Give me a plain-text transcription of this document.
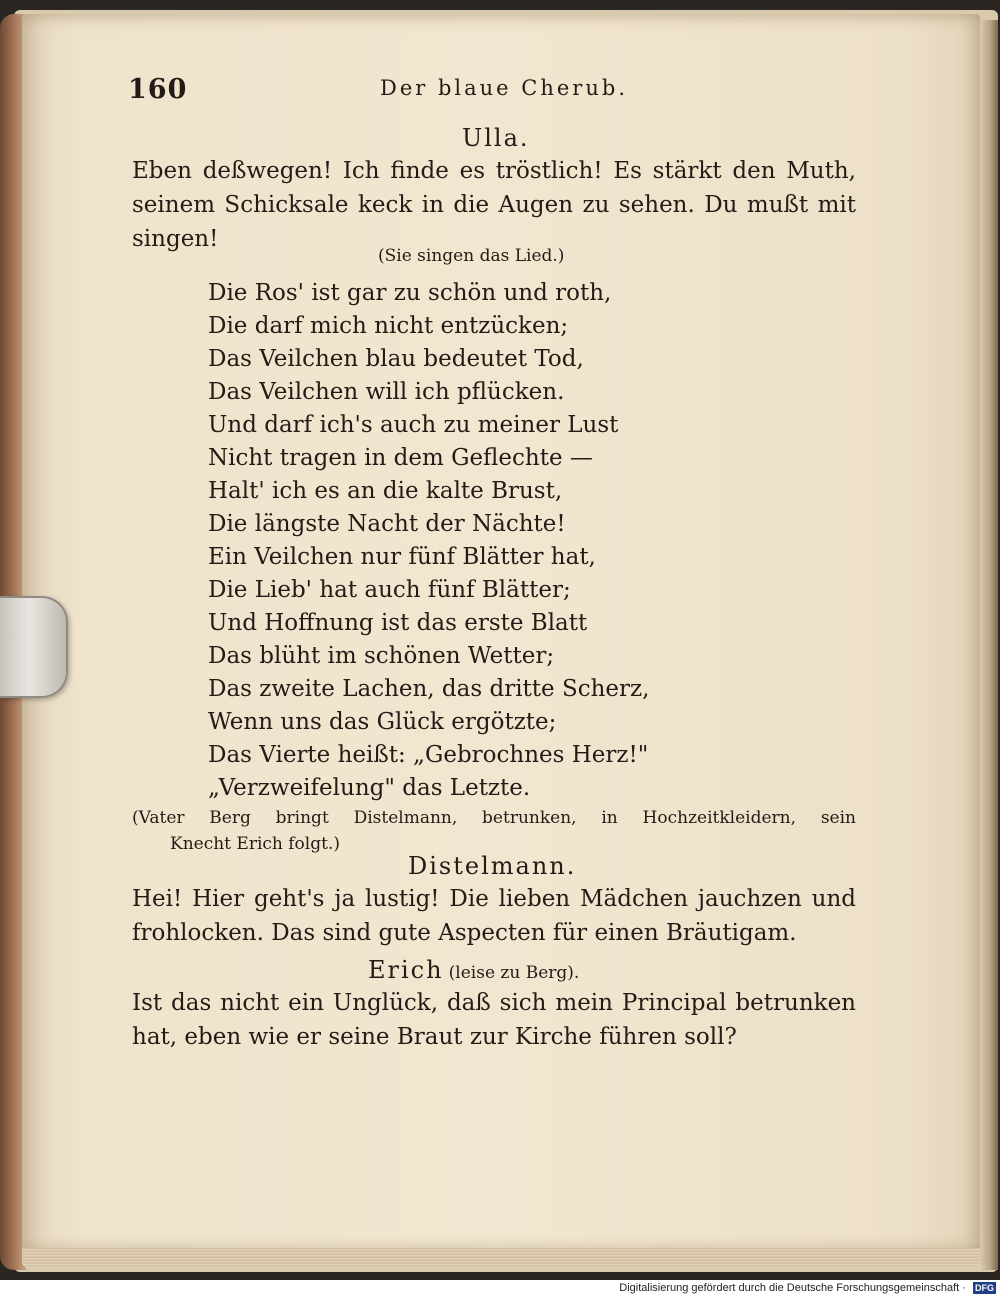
160	Der blaue Cherub.
Ulla.
Eben deßwegen! Ich finde es tröstlich! Es stärkt den Muth,
seinem Schicksale keck in die Augen zu sehen. Du mußt mit
singen!
(Sie singen das Lied.)
Die Ros' ist gar zu schön und roth,
Die darf mich nicht entzücken;
Das Veilchen blau bedeutet Tod,
Das Veilchen will ich pflücken.
Und darf ich's auch zu meiner Lust
Nicht tragen in dem Geflechte —
Halt' ich es an die kalte Brust,
Die längste Nacht der Nächte!
Ein Veilchen nur fünf Blätter hat,
Die Lieb' hat auch fünf Blätter;
Und Hoffnung ist das erste Blatt
Das blüht im schönen Wetter;
Das zweite Lachen, das dritte Scherz,
Wenn uns das Glück ergötzte;
Das Vierte heißt: „Gebrochnes Herz!"
„Verzweifelung" das Letzte.
(Vater Berg bringt Distelmann, betrunken, in Hochzeitkleidern, sein
Knecht Erich folgt.)
Distelmann.
Hei! Hier geht's ja lustig! Die lieben Mädchen jauchzen und
frohlocken. Das sind gute Aspecten für einen Bräutigam.
Erich (leise zu Berg).
Ist das nicht ein Unglück, daß sich mein Principal betrunken
hat, eben wie er seine Braut zur Kirche führen soll?
Digitalisierung gefördert durch die Deutsche Forschungsgemeinschaft · DFG
